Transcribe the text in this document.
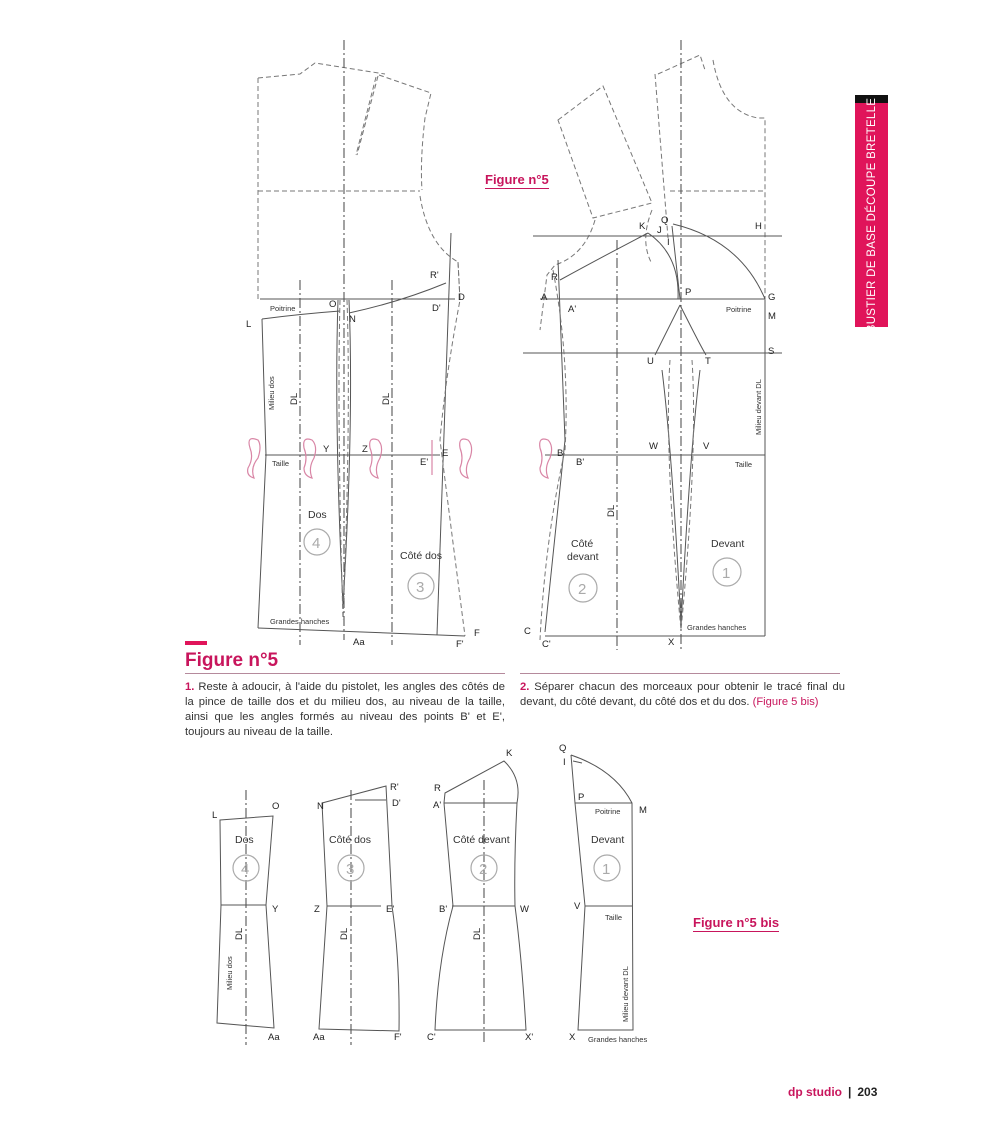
R'
D
O	D'
N
L
Poitrine
Milieu dos DL	DL
Y	Z
E'
E
Taille
Dos
4
Côté dos
3
Grandes hanches
Aa	F'
F
K J
Q
I
H
R
A
A'
P	G
Poitrine
M
U	T
S
Milieu devant DL
W	V
B
B'	Taille
DL
Côté
devant
Devant
2
1
Grandes hanches
C
C'	X
L
O
Dos
4
Y
DL
Milieu dos
Aa
N
R'
D'
Côté dos
3
Z	E'
DL
Aa	F'
R
K
A'
Côté devant
2
B'	W
DL
C'	X'
Q
I
P
Poitrine M
Devant
1
V
Taille
Milieu devant DL
X Grandes hanches
BUSTIER DE BASE DÉCOUPE BRETELLE
Figure n°5
Figure n°5
1. Reste à adoucir, à l'aide du pistolet, les angles des côtés de la pince de taille dos et du milieu dos, au niveau de la taille, ainsi que les angles formés au niveau des points B' et E', toujours au niveau de la taille.
2. Séparer chacun des morceaux pour obtenir le tracé final du devant, du côté devant, du côté dos et du dos. (Figure 5 bis)
Figure n°5 bis
dp studio | 203
